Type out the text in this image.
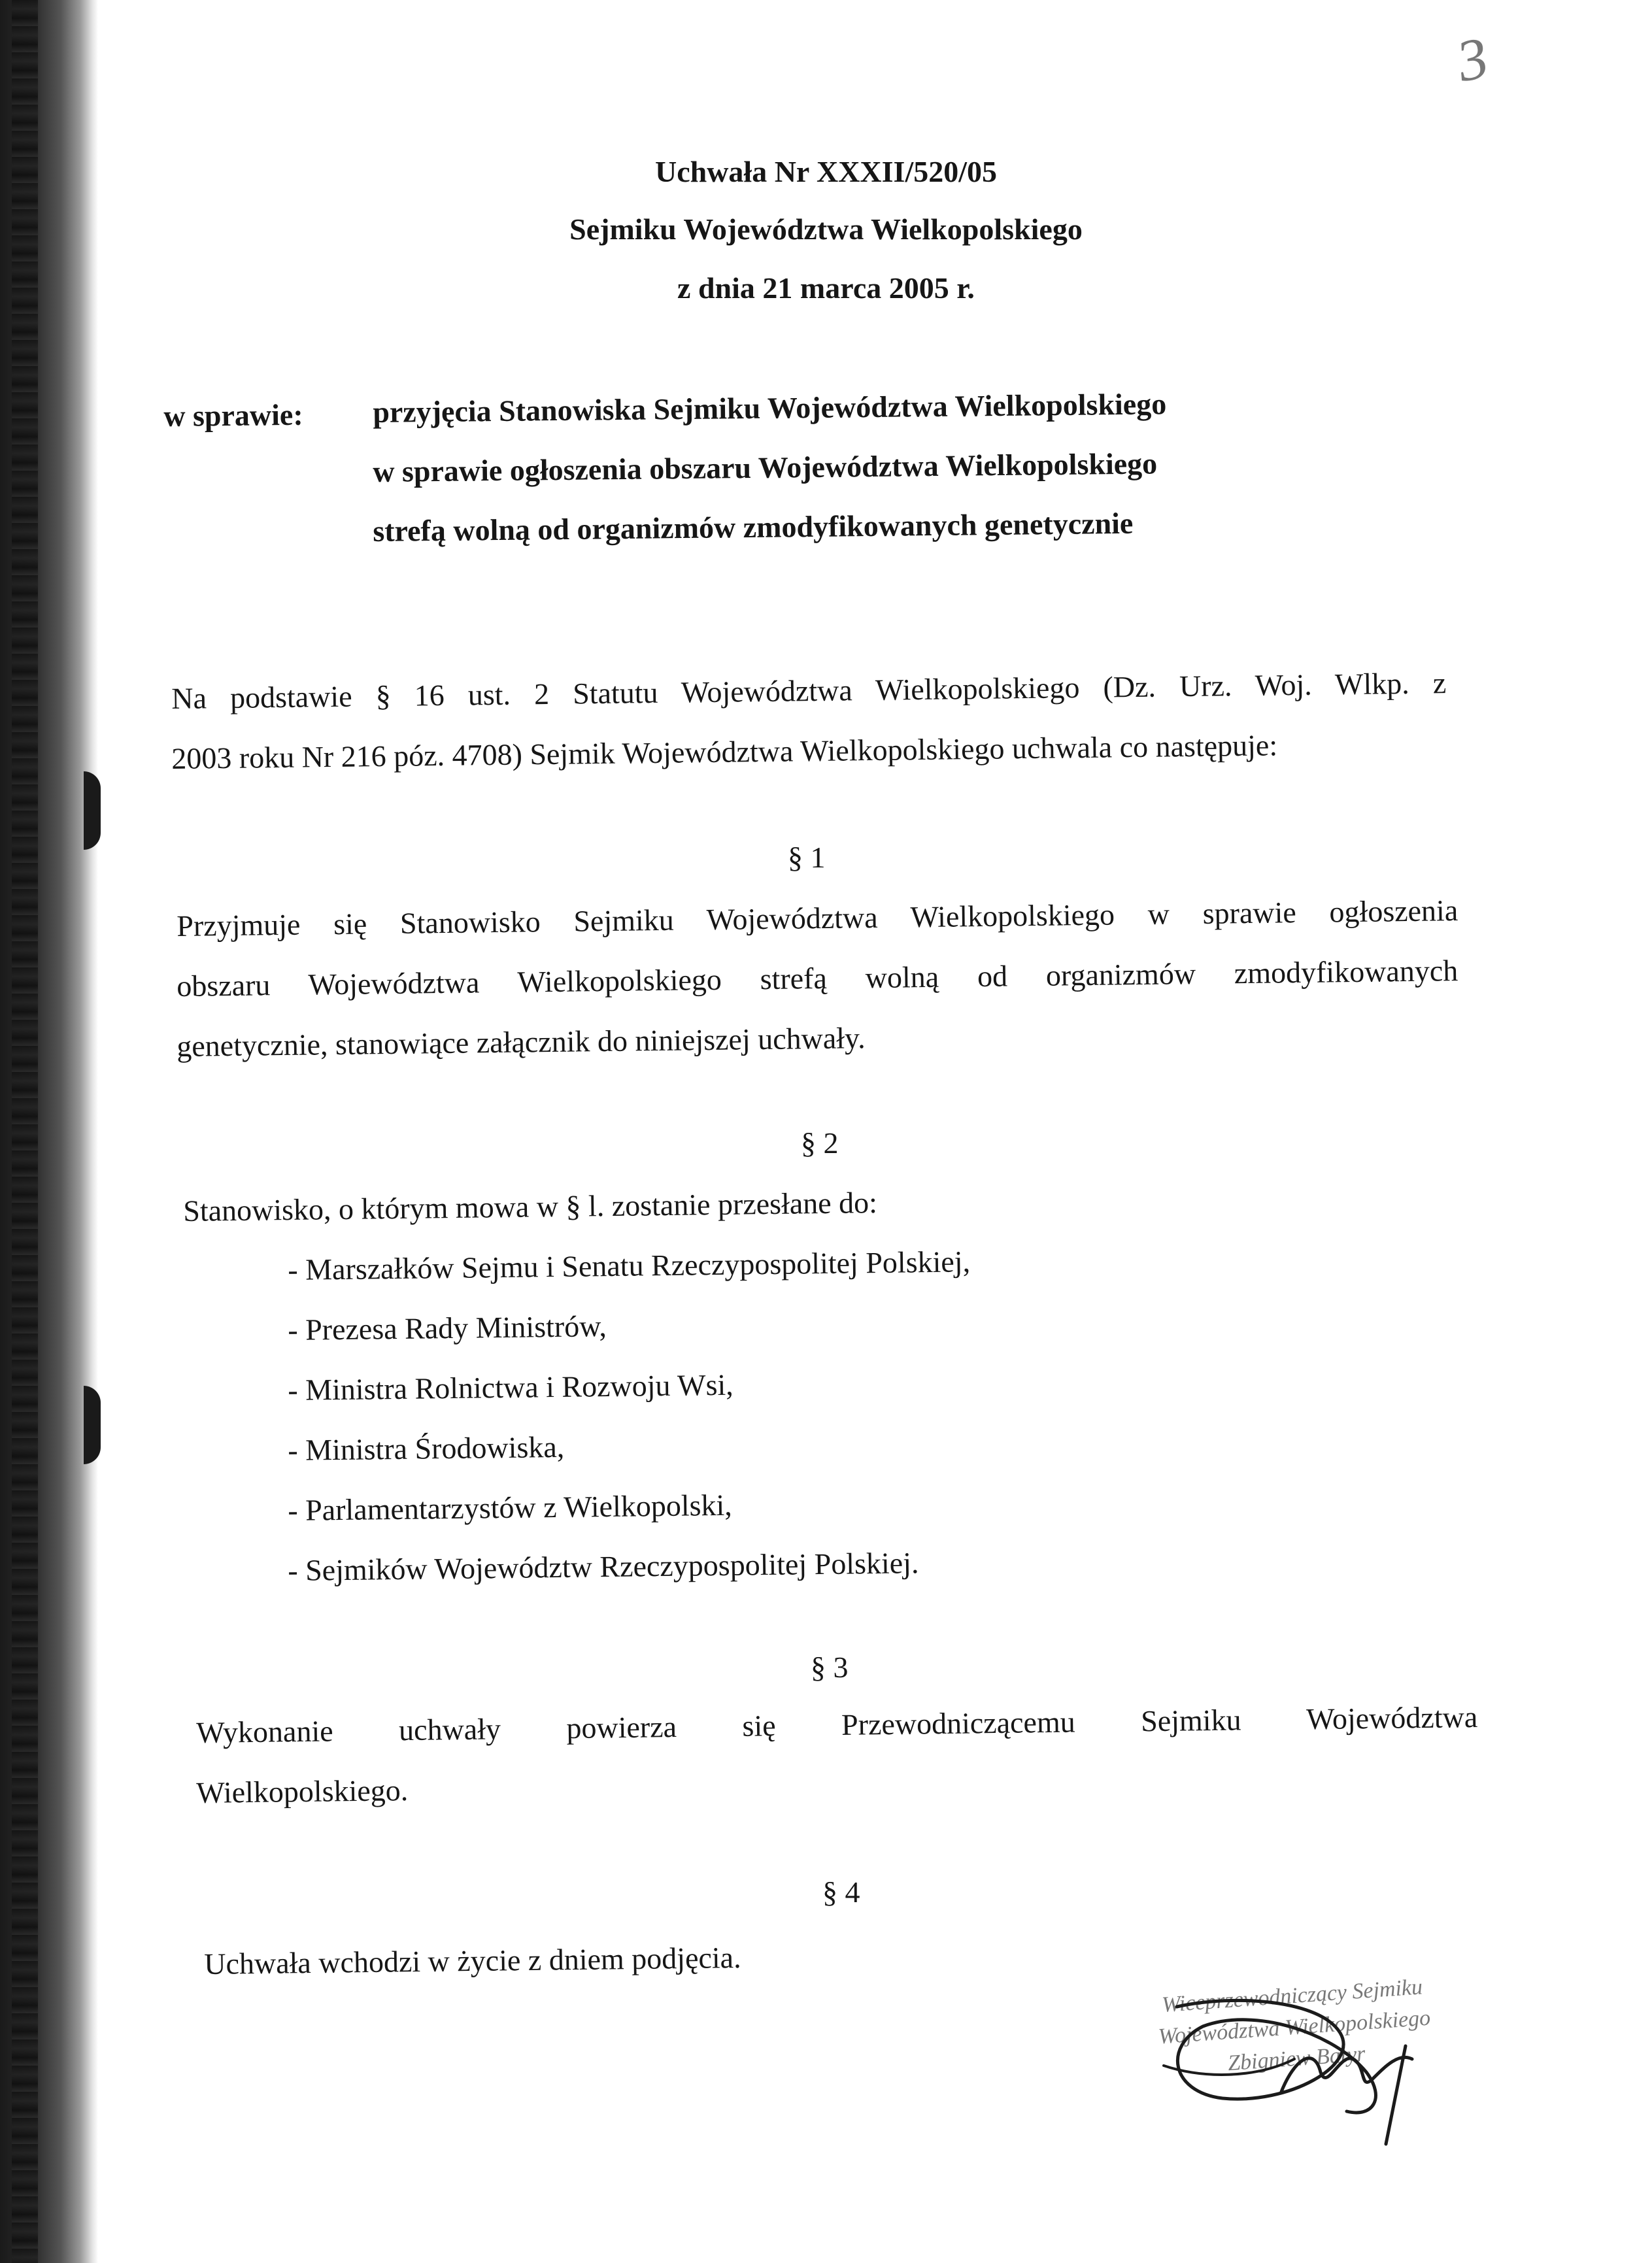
3
Uchwała Nr XXXII/520/05
Sejmiku Województwa Wielkopolskiego
z dnia 21 marca 2005 r.
w sprawie: przyjęcia Stanowiska Sejmiku Województwa Wielkopolskiego
w sprawie ogłoszenia obszaru Województwa Wielkopolskiego
strefą wolną od organizmów zmodyfikowanych genetycznie
Na podstawie § 16 ust. 2 Statutu Województwa Wielkopolskiego (Dz. Urz. Woj. Wlkp. z
2003 roku Nr 216 póz. 4708) Sejmik Województwa Wielkopolskiego uchwala co następuje:
§ 1
Przyjmuje się Stanowisko Sejmiku Województwa Wielkopolskiego w sprawie ogłoszenia
obszaru Województwa Wielkopolskiego strefą wolną od organizmów zmodyfikowanych
genetycznie, stanowiące załącznik do niniejszej uchwały.
§ 2
Stanowisko, o którym mowa w § l. zostanie przesłane do:
- Marszałków Sejmu i Senatu Rzeczypospolitej Polskiej,
- Prezesa Rady Ministrów,
- Ministra Rolnictwa i Rozwoju Wsi,
- Ministra Środowiska,
- Parlamentarzystów z Wielkopolski,
- Sejmików Województw Rzeczypospolitej Polskiej.
§ 3
Wykonanie uchwały powierza się Przewodniczącemu Sejmiku Województwa
Wielkopolskiego.
§ 4
Uchwała wchodzi w życie z dniem podjęcia.
Wiceprzewodniczący Sejmiku
Województwa Wielkopolskiego
Zbigniew Batyr
